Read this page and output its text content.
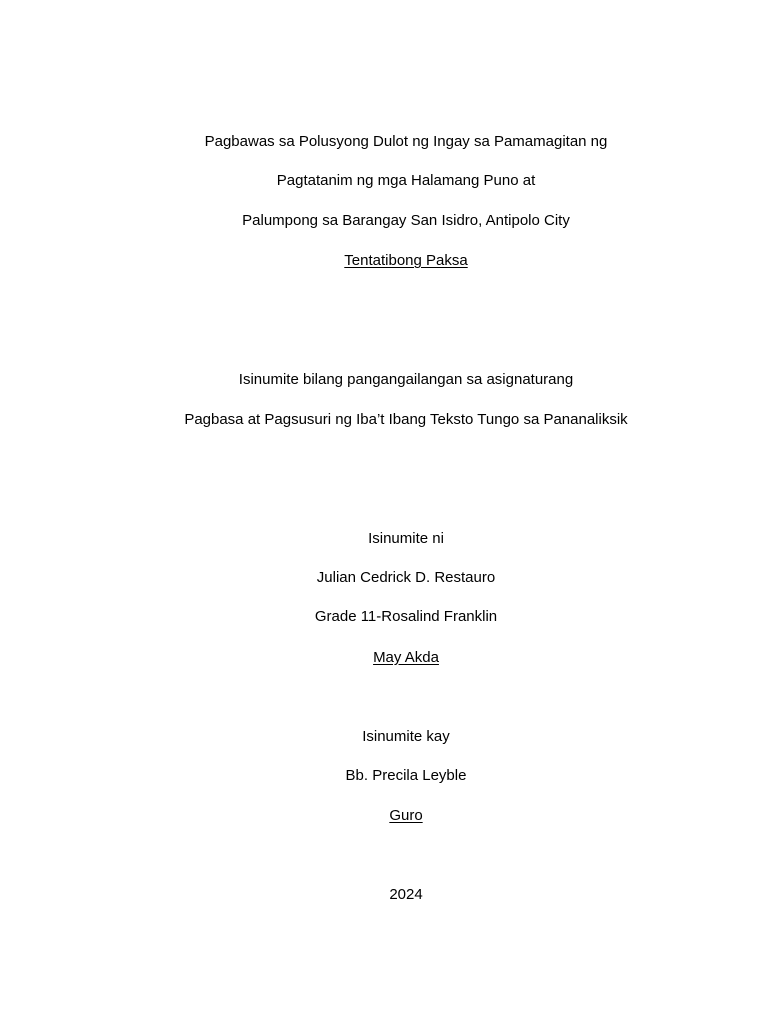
Pagbawas sa Polusyong Dulot ng Ingay sa Pamamagitan ng
Pagtatanim ng mga Halamang Puno at
Palumpong sa Barangay San Isidro, Antipolo City
Tentatibong Paksa
Isinumite bilang pangangailangan sa asignaturang
Pagbasa at Pagsusuri ng Iba’t Ibang Teksto Tungo sa Pananaliksik
Isinumite ni
Julian Cedrick D. Restauro
Grade 11-Rosalind Franklin
May Akda
Isinumite kay
Bb. Precila Leyble
Guro
2024
